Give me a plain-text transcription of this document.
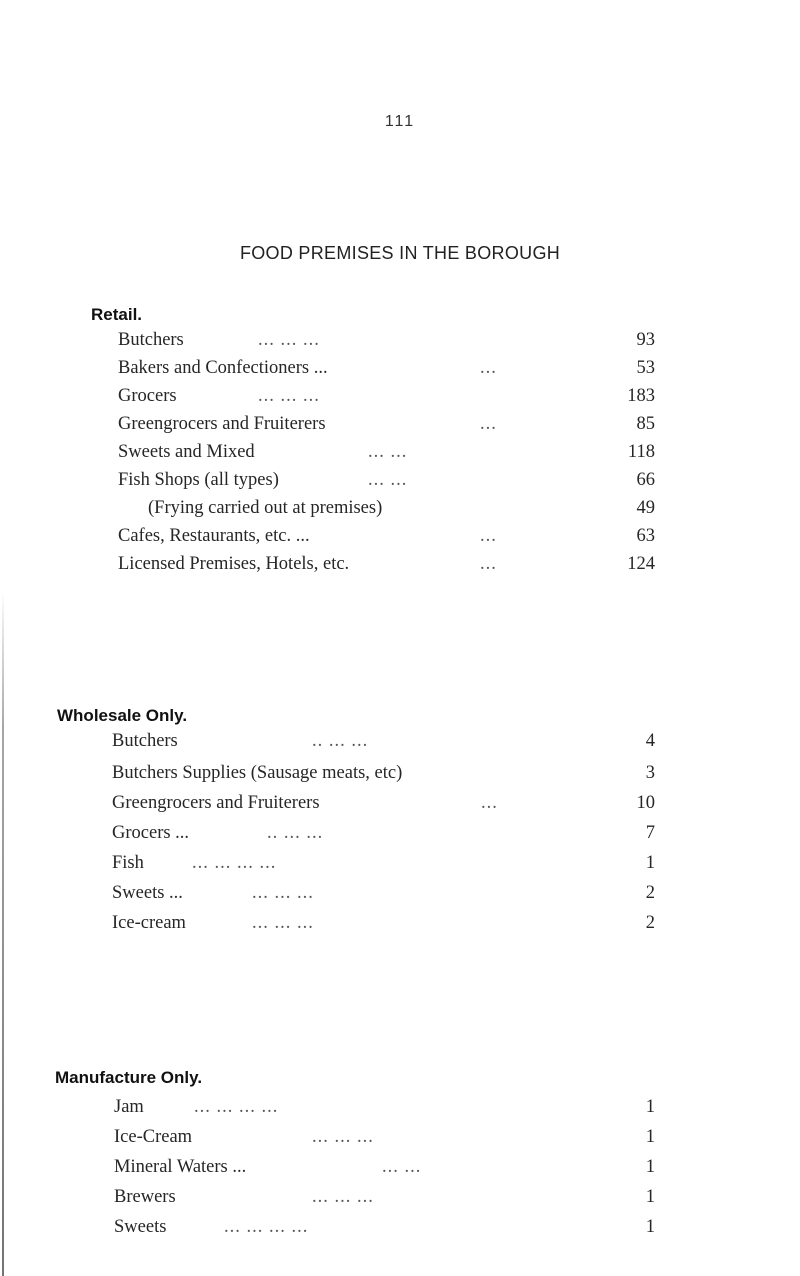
111
FOOD PREMISES IN THE BOROUGH
Retail.
Butchers	... ... ...	93
Bakers and Confectioners ...	...	53
Grocers	... ... ...	183
Greengrocers and Fruiterers	...	85
Sweets and Mixed	... ...	118
Fish Shops (all types)	... ...	66
(Frying carried out at premises)	49
Cafes, Restaurants, etc. ...	...	63
Licensed Premises, Hotels, etc.	...	124
Wholesale Only.
Butchers	.. ... ...	4
Butchers Supplies (Sausage meats, etc)	3
Greengrocers and Fruiterers	...	10
Grocers ...	.. ... ...	7
Fish	... ... ... ...	1
Sweets ...	... ... ...	2
Ice-cream	... ... ...	2
Manufacture Only.
Jam	... ... ... ...	1
Ice-Cream	... ... ...	1
Mineral Waters ...	... ...	1
Brewers	... ... ...	1
Sweets	... ... ... ...	1
